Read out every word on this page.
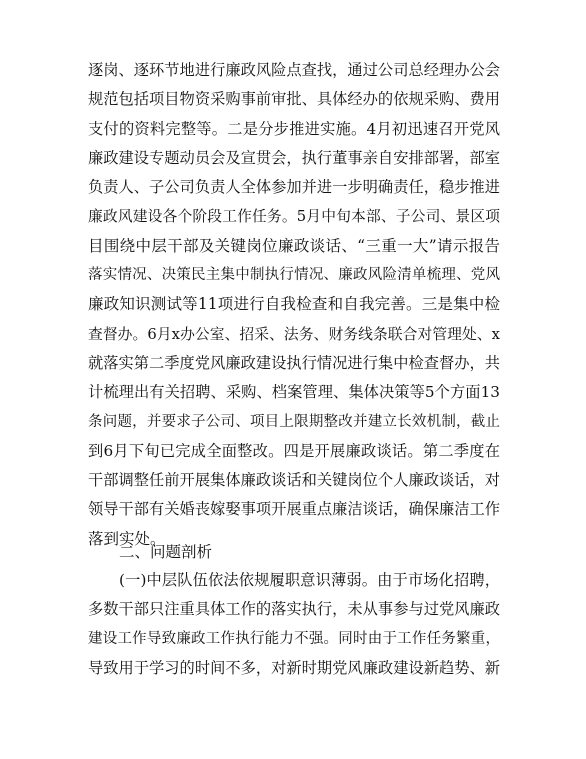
逐岗、逐环节地进行廉政风险点查找，通过公司总经理办公会
规范包括项目物资采购事前审批、具体经办的依规采购、费用
支付的资料完整等。二是分步推进实施。4月初迅速召开党风
廉政建设专题动员会及宣贯会，执行董事亲自安排部署，部室
负责人、子公司负责人全体参加并进一步明确责任，稳步推进
廉政风建设各个阶段工作任务。5月中旬本部、子公司、景区项
目围绕中层干部及关键岗位廉政谈话、“三重一大”请示报告
落实情况、决策民主集中制执行情况、廉政风险清单梳理、党风
廉政知识测试等11项进行自我检查和自我完善。三是集中检
查督办。6月x办公室、招采、法务、财务线条联合对管理处、x
就落实第二季度党风廉政建设执行情况进行集中检查督办，共
计梳理出有关招聘、采购、档案管理、集体决策等5个方面13
条问题，并要求子公司、项目上限期整改并建立长效机制，截止
到6月下旬已完成全面整改。四是开展廉政谈话。第二季度在
干部调整任前开展集体廉政谈话和关键岗位个人廉政谈话，对
领导干部有关婚丧嫁娶事项开展重点廉洁谈话，确保廉洁工作
落到实处。
二、问题剖析
(一)中层队伍依法依规履职意识薄弱。由于市场化招聘，
多数干部只注重具体工作的落实执行，未从事参与过党风廉政
建设工作导致廉政工作执行能力不强。同时由于工作任务繁重，
导致用于学习的时间不多，对新时期党风廉政建设新趋势、新
